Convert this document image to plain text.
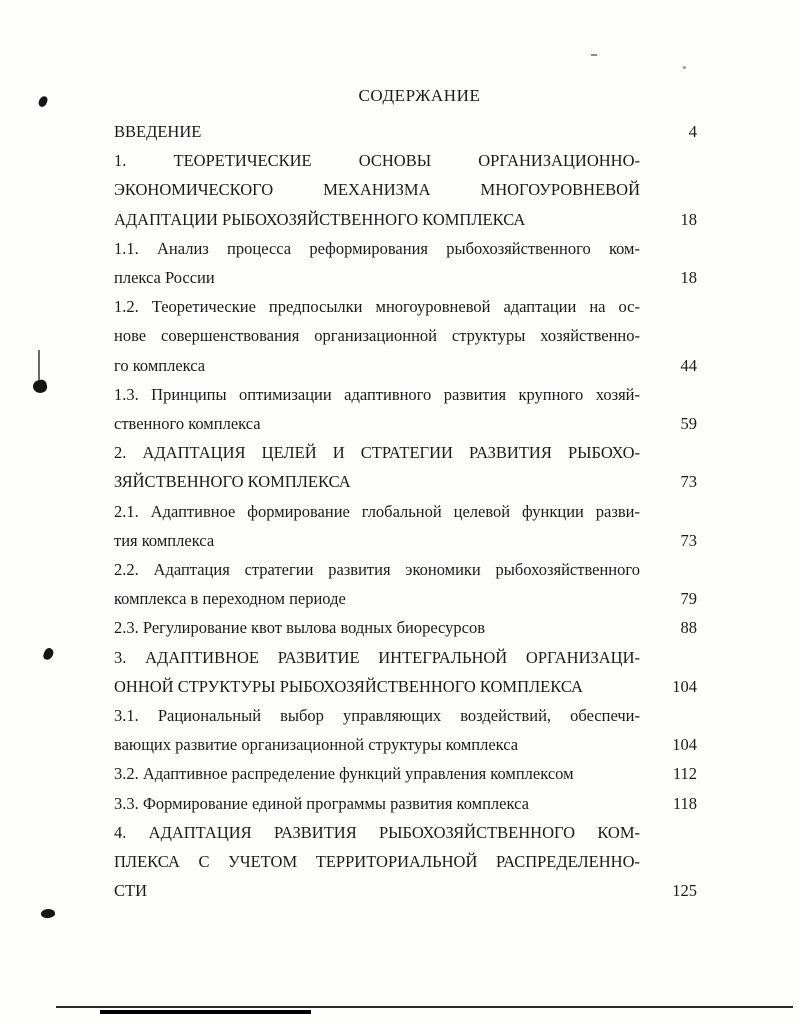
СОДЕРЖАНИЕ
ВВЕДЕНИЕ	4
1. ТЕОРЕТИЧЕСКИЕ ОСНОВЫ ОРГАНИЗАЦИОННО-
ЭКОНОМИЧЕСКОГО МЕХАНИЗМА МНОГОУРОВНЕВОЙ
АДАПТАЦИИ РЫБОХОЗЯЙСТВЕННОГО КОМПЛЕКСА	18
1.1. Анализ процесса реформирования рыбохозяйственного ком-
плекса России	18
1.2. Теоретические предпосылки многоуровневой адаптации на ос-
нове совершенствования организационной структуры хозяйственно-
го комплекса	44
1.3. Принципы оптимизации адаптивного развития крупного хозяй-
ственного комплекса	59
2. АДАПТАЦИЯ ЦЕЛЕЙ И СТРАТЕГИИ РАЗВИТИЯ РЫБОХО-
ЗЯЙСТВЕННОГО КОМПЛЕКСА	73
2.1. Адаптивное формирование глобальной целевой функции разви-
тия комплекса	73
2.2. Адаптация стратегии развития экономики рыбохозяйственного
комплекса в переходном периоде	79
2.3. Регулирование квот вылова водных биоресурсов	88
3. АДАПТИВНОЕ РАЗВИТИЕ ИНТЕГРАЛЬНОЙ ОРГАНИЗАЦИ-
ОННОЙ СТРУКТУРЫ РЫБОХОЗЯЙСТВЕННОГО КОМПЛЕКСА	104
3.1. Рациональный выбор управляющих воздействий, обеспечи-
вающих развитие организационной структуры комплекса	104
3.2. Адаптивное распределение функций управления комплексом	112
3.3. Формирование единой программы развития комплекса	118
4. АДАПТАЦИЯ РАЗВИТИЯ РЫБОХОЗЯЙСТВЕННОГО КОМ-
ПЛЕКСА С УЧЕТОМ ТЕРРИТОРИАЛЬНОЙ РАСПРЕДЕЛЕННО-
СТИ	125
